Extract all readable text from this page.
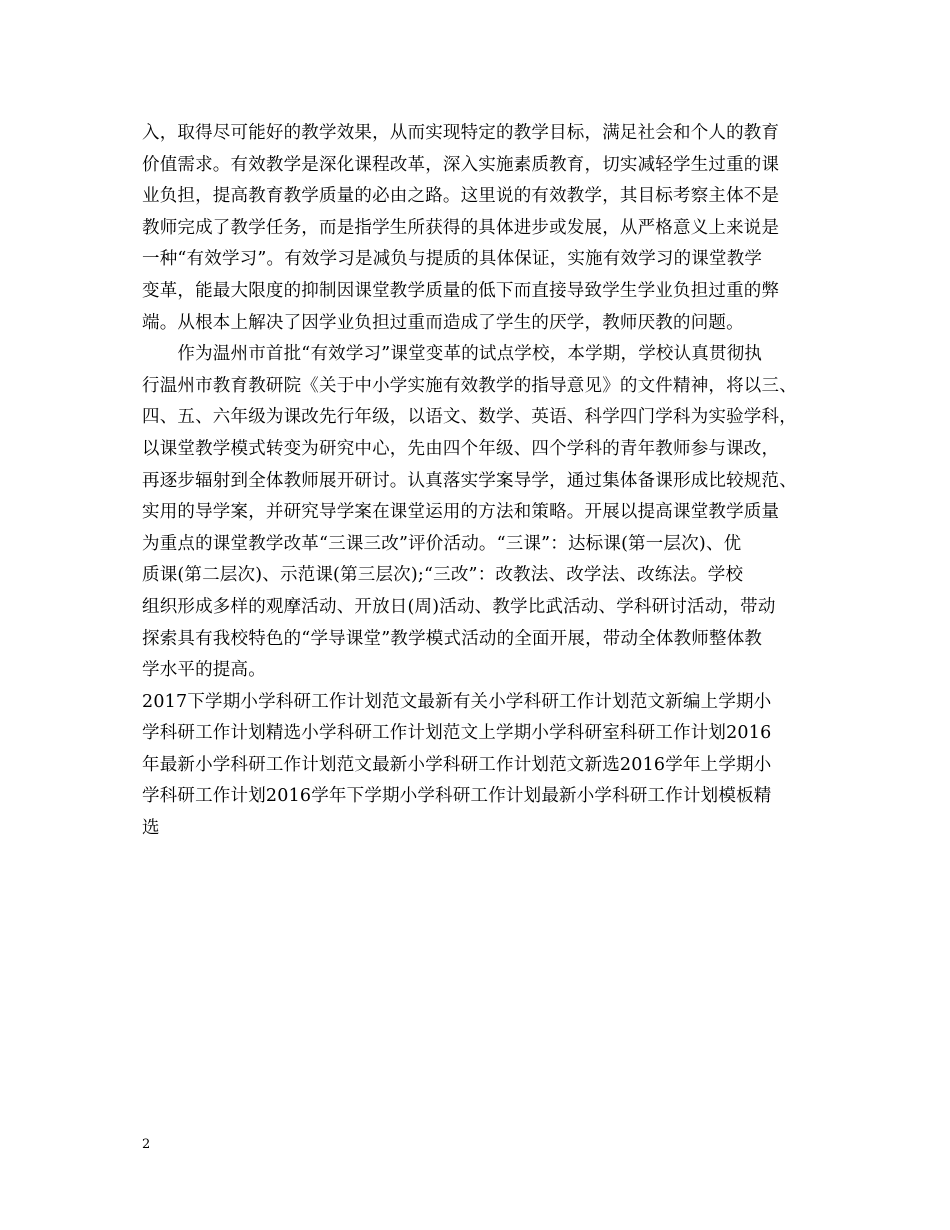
入，取得尽可能好的教学效果，从而实现特定的教学目标，满足社会和个人的教育
价值需求。有效教学是深化课程改革，深入实施素质教育，切实减轻学生过重的课
业负担，提高教育教学质量的必由之路。这里说的有效教学，其目标考察主体不是
教师完成了教学任务，而是指学生所获得的具体进步或发展，从严格意义上来说是
一种“有效学习”。有效学习是减负与提质的具体保证，实施有效学习的课堂教学
变革，能最大限度的抑制因课堂教学质量的低下而直接导致学生学业负担过重的弊
端。从根本上解决了因学业负担过重而造成了学生的厌学，教师厌教的问题。
　　作为温州市首批“有效学习”课堂变革的试点学校，本学期，学校认真贯彻执
行温州市教育教研院《关于中小学实施有效教学的指导意见》的文件精神，将以三、
四、五、六年级为课改先行年级，以语文、数学、英语、科学四门学科为实验学科，
以课堂教学模式转变为研究中心，先由四个年级、四个学科的青年教师参与课改，
再逐步辐射到全体教师展开研讨。认真落实学案导学，通过集体备课形成比较规范、
实用的导学案，并研究导学案在课堂运用的方法和策略。开展以提高课堂教学质量
为重点的课堂教学改革“三课三改”评价活动。“三课”：达标课(第一层次)、优
质课(第二层次)、示范课(第三层次);“三改”：改教法、改学法、改练法。学校
组织形成多样的观摩活动、开放日(周)活动、教学比武活动、学科研讨活动，带动
探索具有我校特色的“学导课堂”教学模式活动的全面开展，带动全体教师整体教
学水平的提高。
2017下学期小学科研工作计划范文最新有关小学科研工作计划范文新编上学期小
学科研工作计划精选小学科研工作计划范文上学期小学科研室科研工作计划2016
年最新小学科研工作计划范文最新小学科研工作计划范文新选2016学年上学期小
学科研工作计划2016学年下学期小学科研工作计划最新小学科研工作计划模板精
选
2
